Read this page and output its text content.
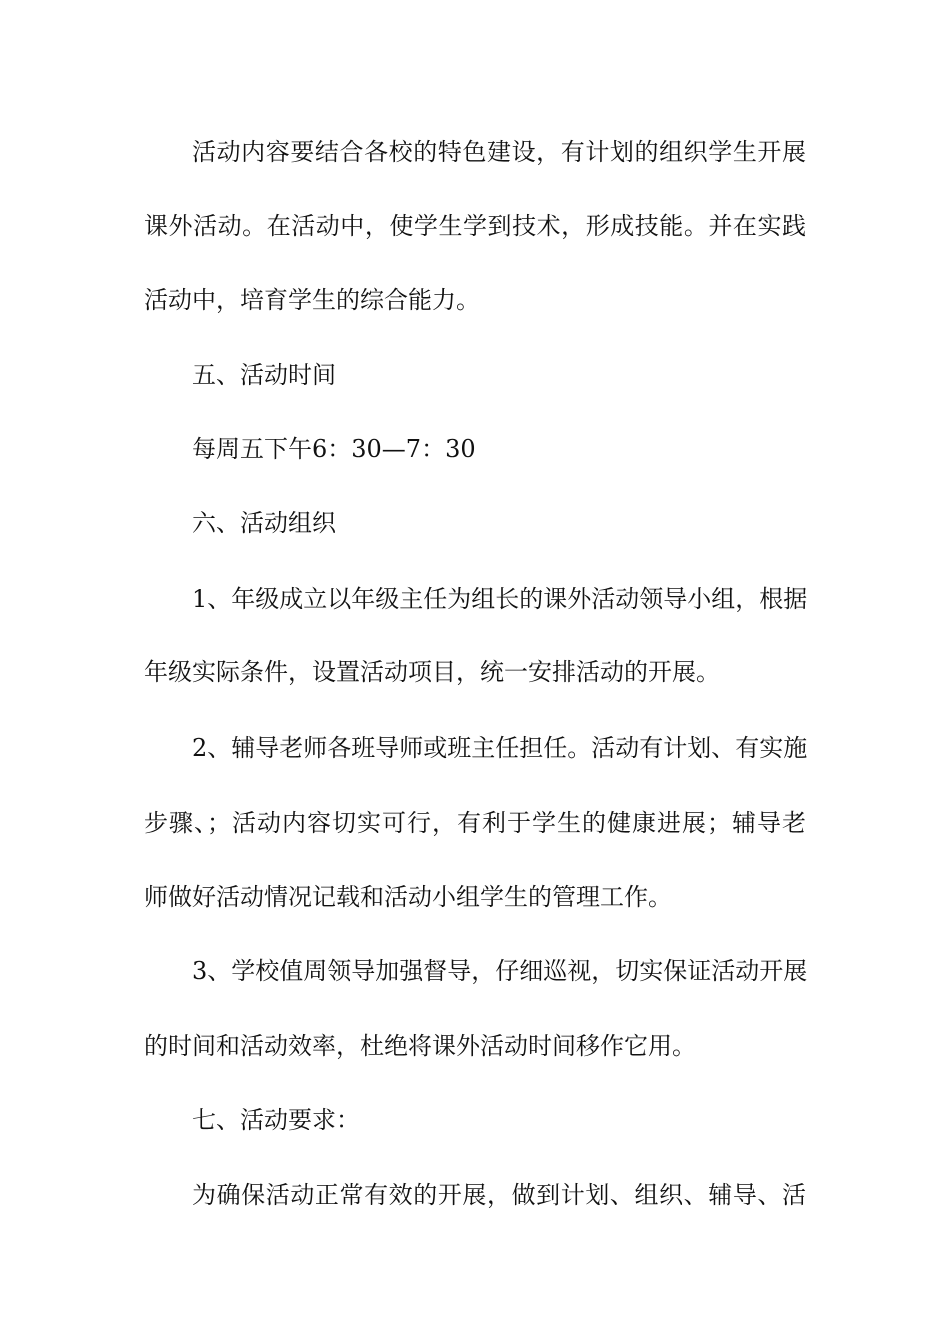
活动内容要结合各校的特色建设，有计划的组织学生开展
课外活动。在活动中，使学生学到技术，形成技能。并在实践
活动中，培育学生的综合能力。
五、活动时间
每周五下午6：30—7：30
六、活动组织
1、年级成立以年级主任为组长的课外活动领导小组，根据
年级实际条件，设置活动项目，统一安排活动的开展。
2、辅导老师各班导师或班主任担任。活动有计划、有实施
步骤、；活动内容切实可行，有利于学生的健康进展；辅导老
师做好活动情况记载和活动小组学生的管理工作。
3、学校值周领导加强督导，仔细巡视，切实保证活动开展
的时间和活动效率，杜绝将课外活动时间移作它用。
七、活动要求：
为确保活动正常有效的开展，做到计划、组织、辅导、活
